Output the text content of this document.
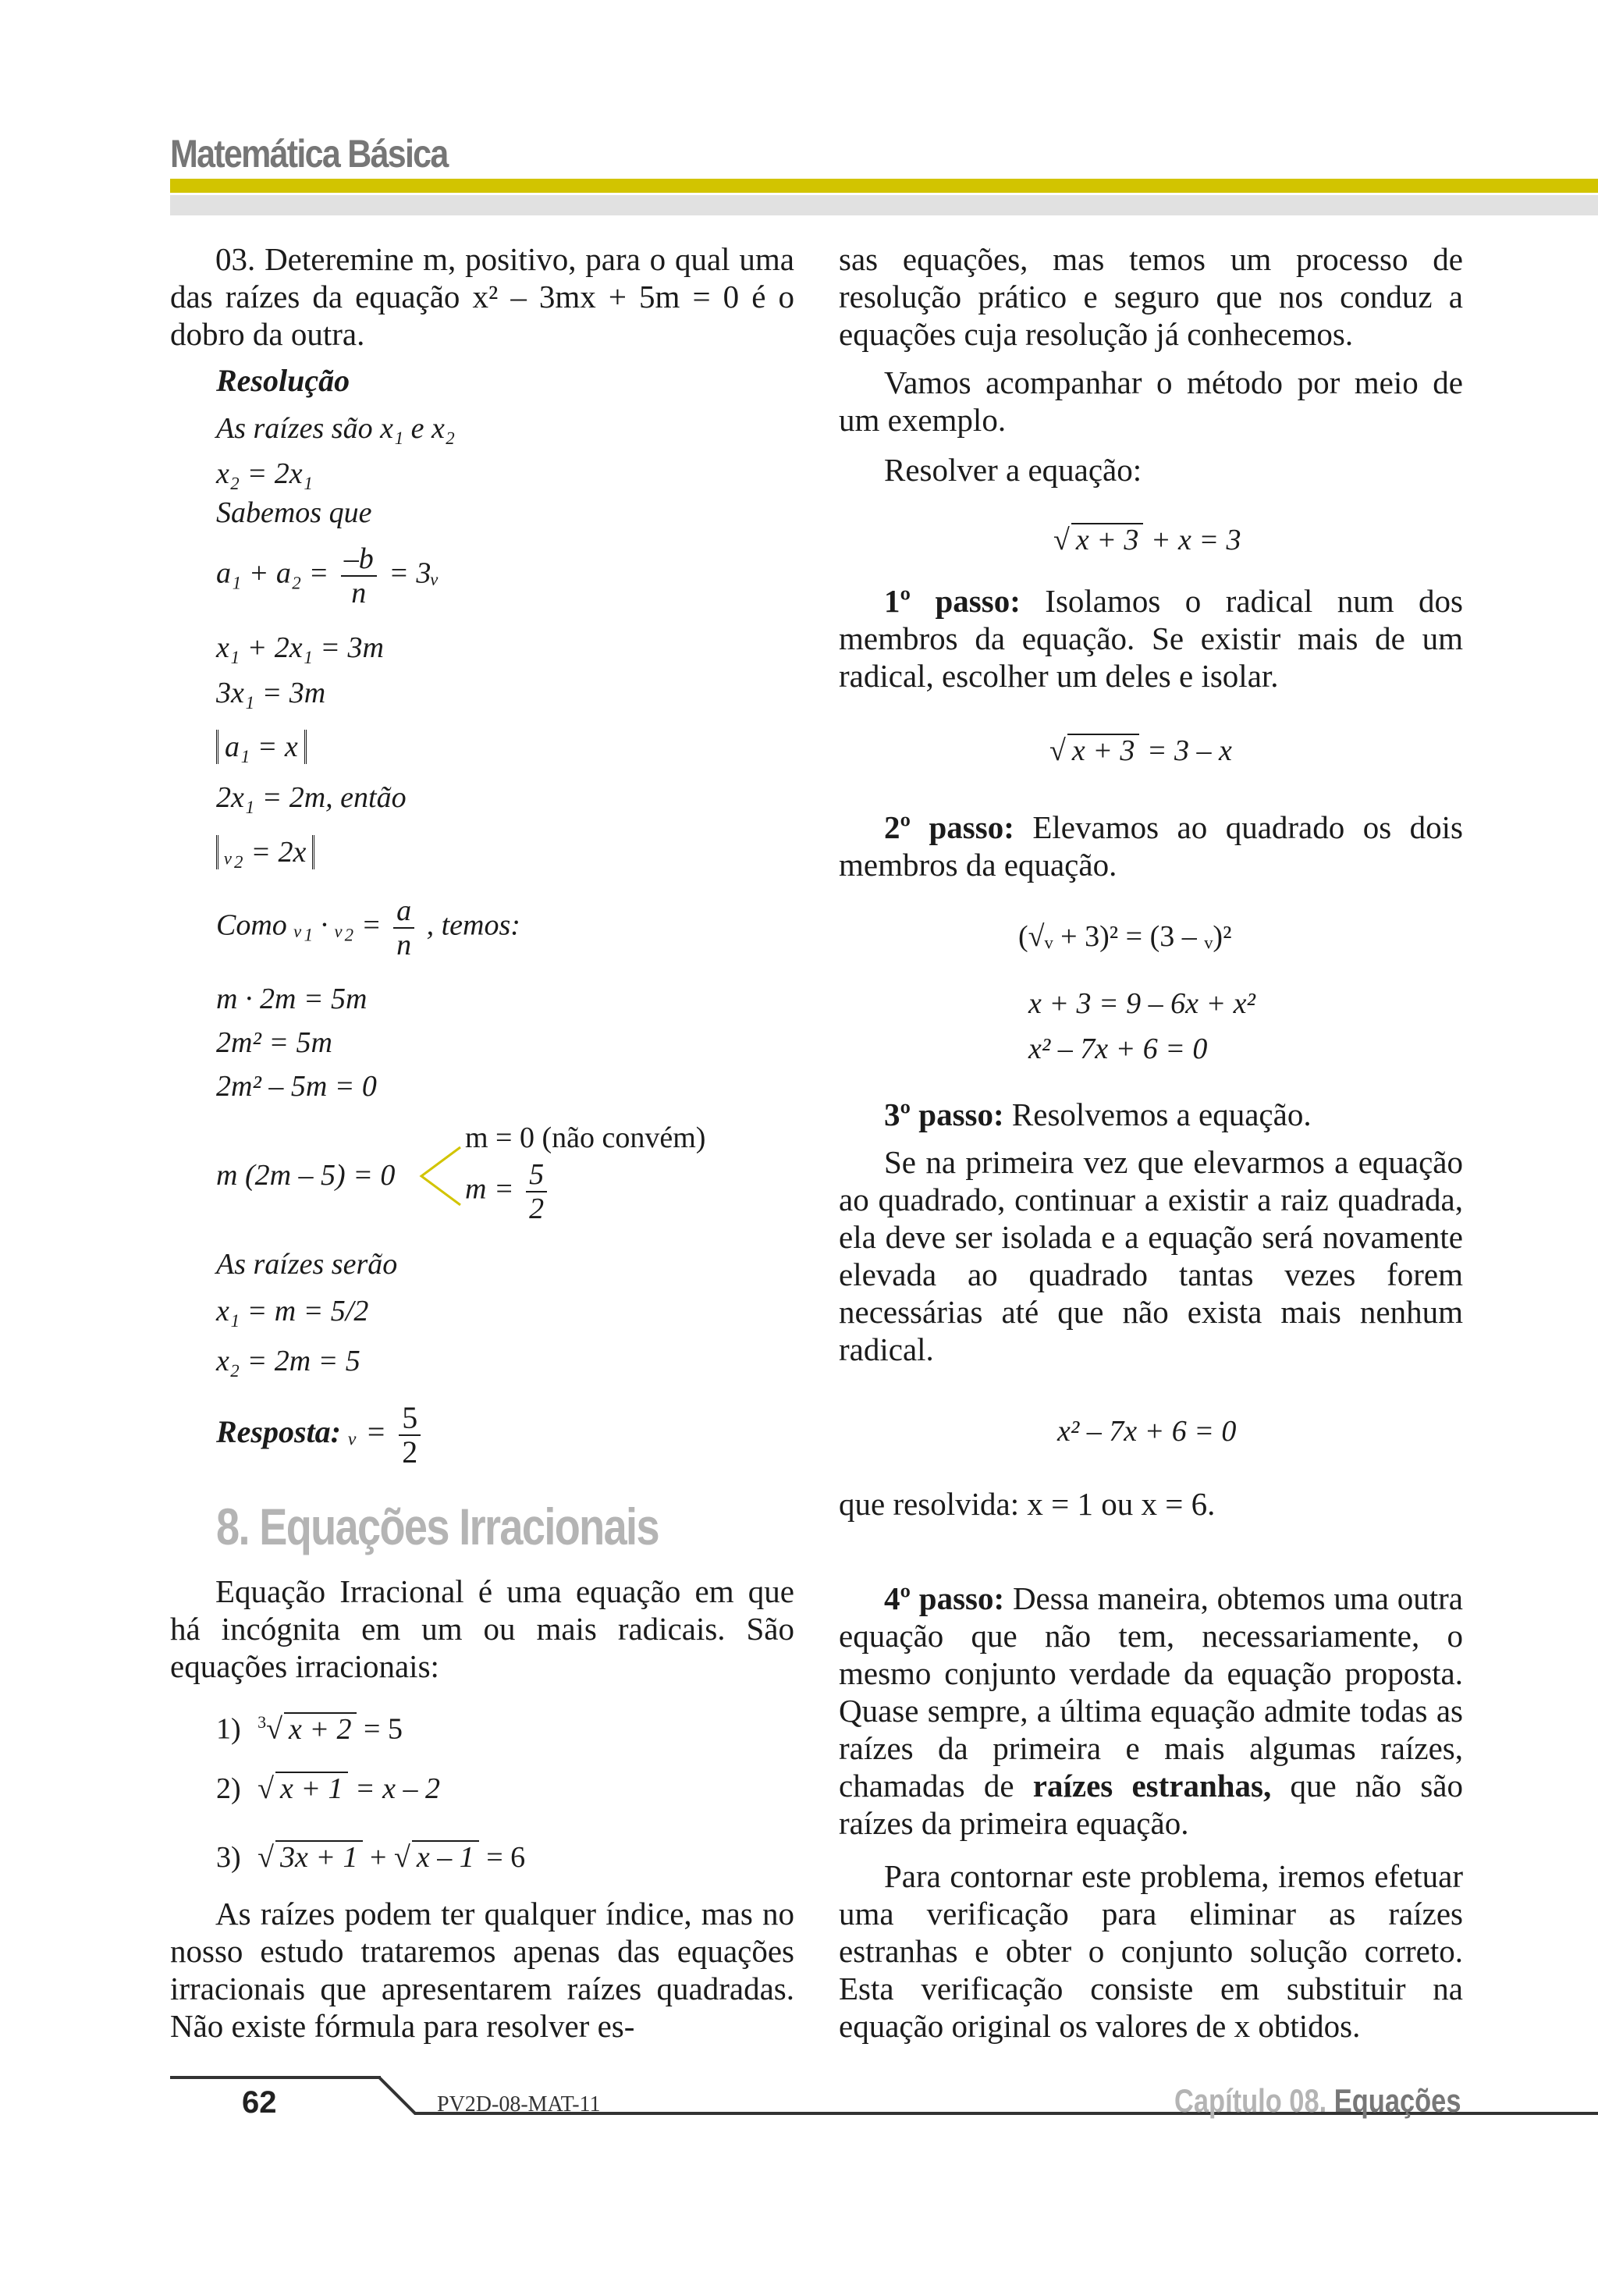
Matemática Básica
03. Deteremine m, positivo, para o qual uma das raízes da equação x² – 3mx + 5m = 0 é o dobro da outra.
Resolução
As raízes são x₁ e x₂
x₂ = 2x₁
Sabemos que
$a_1 + a_2 = \frac{-b}{n}$ = 3ᵥ
x₁ + 2x₁ = 3m
3x₁ = 3m
a₁ = x
2x₁ = 2m, então
ᵥ₂ = 2x
Como ᵥ₁ · ᵥ₂ = $\frac{a}{n}$ , temos:
m · 2m = 5m
2m² = 5m
2m² – 5m = 0
m (2m – 5) = 0
m = 0 (não convém)
$m = \frac{5}{2}$
As raízes serão
x₁ = m = 5/2
x₂ = 2m = 5
Resposta: ᵥ = $\frac{5}{2}$
8. Equações Irracionais
Equação Irracional é uma equação em que há incógnita em um ou mais radicais. São equações irracionais:
1) $^3$√ x + 2 = 5
2) √ x + 1 = x – 2
3) √ 3x + 1 + √ x – 1 = 6
As raízes podem ter qualquer índice, mas no nosso estudo trataremos apenas das equações irracionais que apresentarem raízes quadradas. Não existe fórmula para resolver es-
sas equações, mas temos um processo de resolução prático e seguro que nos conduz a equações cuja resolução já conhecemos.
Vamos acompanhar o método por meio de um exemplo.
Resolver a equação:
√ x + 3 + x = 3
1º passo: Isolamos o radical num dos membros da equação. Se existir mais de um radical, escolher um deles e isolar.
√ x + 3 = 3 – x
2º passo: Elevamos ao quadrado os dois membros da equação.
(√ᵥ + 3)² = (3 – ᵥ)²
x + 3 = 9 – 6x + x²
x² – 7x + 6 = 0
3º passo: Resolvemos a equação.
Se na primeira vez que elevarmos a equação ao quadrado, continuar a existir a raiz quadrada, ela deve ser isolada e a equação será novamente elevada ao quadrado tantas vezes forem necessárias até que não exista mais nenhum radical.
x² – 7x + 6 = 0
que resolvida: x = 1 ou x = 6.
4º passo: Dessa maneira, obtemos uma outra equação que não tem, necessariamente, o mesmo conjunto verdade da equação proposta. Quase sempre, a última equação admite todas as raízes da primeira e mais algumas raízes, chamadas de raízes estranhas, que não são raízes da primeira equação.
Para contornar este problema, iremos efetuar uma verificação para eliminar as raízes estranhas e obter o conjunto solução correto. Esta verificação consiste em substituir na equação original os valores de x obtidos.
62	PV2D-08-MAT-11	Capítulo 08. Equações
